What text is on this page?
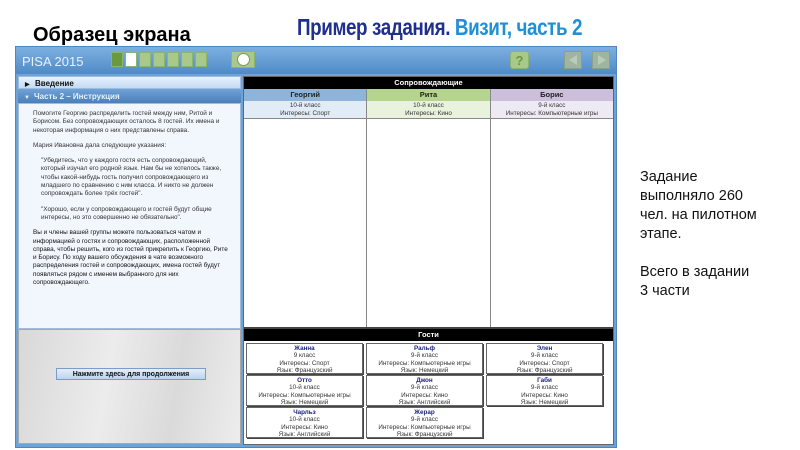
Образец экрана	Пример задания. Визит, часть 2
PISA 2015	?
▶ Введение
▼ Часть 2 – Инструкция

Помогите Георгию распределить гостей между ним, Ритой и Борисом. Без сопровождающих осталось 8 гостей. Их имена и некоторая информация о них представлены справа.

Мария Ивановна дала следующие указания:

"Убедитесь, что у каждого гостя есть сопровождающий, который изучал его родной язык. Нам бы не хотелось также, чтобы какой-нибудь гость получил сопровождающего из младшего по сравнению с ним класса. И никто не должен сопровождать более трёх гостей".

"Хорошо, если у сопровождающего и гостей будут общие интересы, но это совершенно не обязательно".

Вы и члены вашей группы можете пользоваться чатом и информацией о гостях и сопровождающих, расположенной справа, чтобы решить, кого из гостей прикрепить к Георгию, Рите и Борису. По ходу вашего обсуждения в чате возможного распределения гостей и сопровождающих, имена гостей будут появляться рядом с именем выбранного для них сопровождающего.

Нажмите здесь для продолжения
Сопровождающие
Георгий
10-й класс
Интересы: Спорт
Рита
10-й класс
Интересы: Кино
Борис
9-й класс
Интересы: Компьютерные игры
Гости
Жанна
9 класс
Интересы: Спорт
Язык: Французский
Ральф
9-й класс
Интересы: Компьютерные игры
Язык: Немецкий
Элен
9-й класс
Интересы: Спорт
Язык: Французский
Отто
10-й класс
Интересы: Компьютерные игры
Язык: Немецкий
Джон
9-й класс
Интересы: Кино
Язык: Английский
Габи
9-й класс
Интересы: Кино
Язык: Немецкий
Чарльз
10-й класс
Интересы: Кино
Язык: Английский
Жерар
9-й класс
Интересы: Компьютерные игры
Язык: Французский

Задание
выполняло 260
чел. на пилотном
этапе.

Всего в задании
3 части
